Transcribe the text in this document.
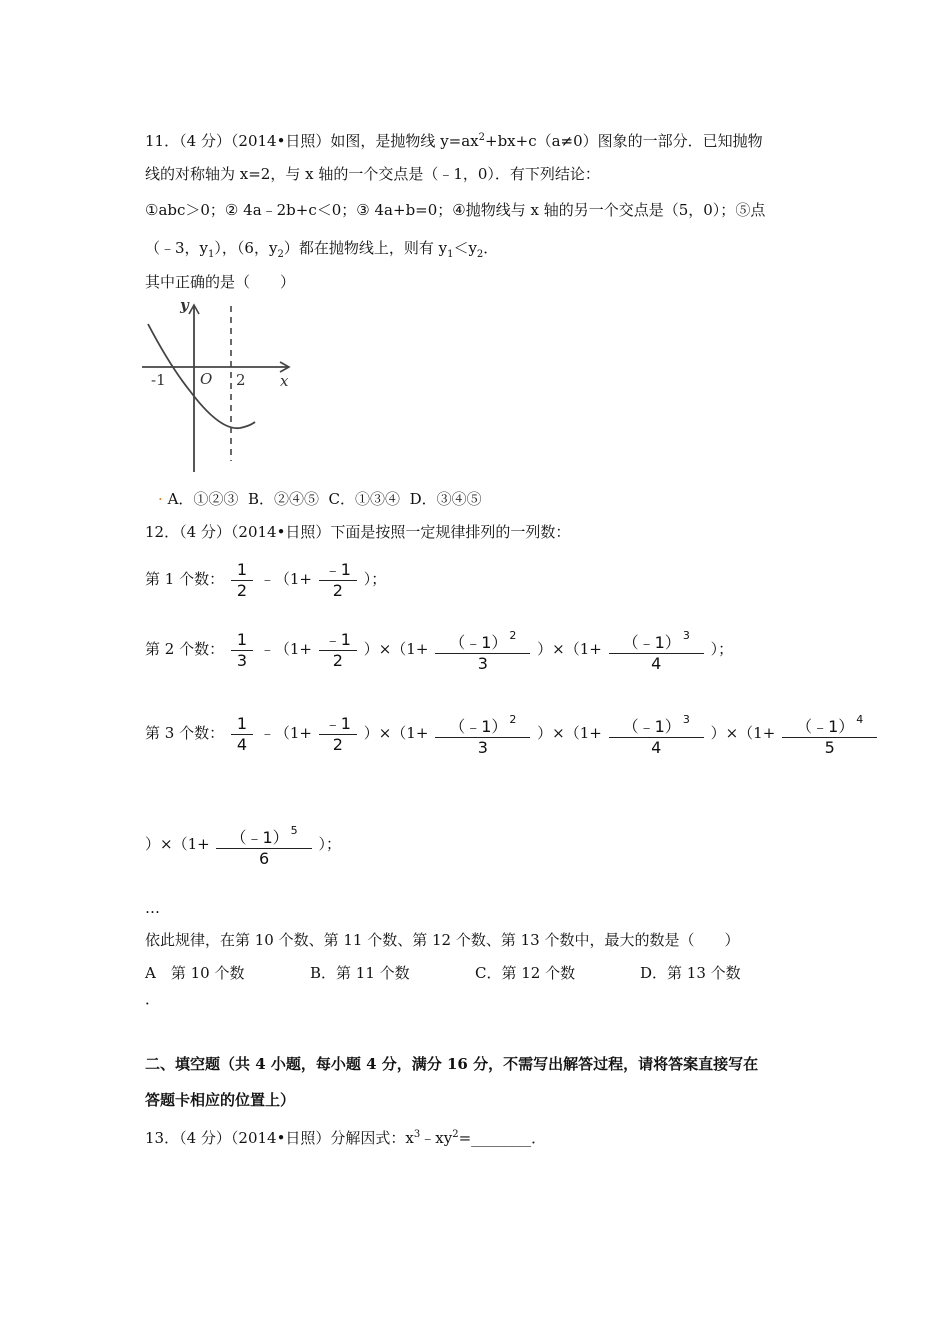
11．（4 分）（2014•日照）如图，是抛物线 $y=ax^2+bx+c(a\ne 0)$图象的一部分．已知抛物
线的对称轴为 x=2，与 x 轴的一个交点是（﹣1，0）．有下列结论：
①abc＞0；② 4a﹣2b+c＜0；③ 4a+b=0；④抛物线与 x 轴的另一个交点是（5，0）；⑤点
（﹣3，$y_1$），（6，$y_2$）都在抛物线上，则有 $y_1<y_2$．
其中正确的是（　　）
y
x
O
-1	2
· A．①②③ B．②④⑤ C．①③④ D．③④⑤
12．（4 分）（2014•日照）下面是按照一定规律排列的一列数：
第 1 个数： $\frac{1}{2}$ ﹣（1+ $\frac{﹣1}{2}$ ）；
第 2 个数： $\frac{1}{3}$ ﹣（1+ $\frac{﹣1}{2} )\times(1+ \frac{(﹣1) ^2}{3} )\times(1+ \frac{(﹣1) ^3}{4}$ ）；
第 3 个数： $\frac{1}{4}$ ﹣（1+ $\frac{﹣1}{2} )\times(1+ \frac{(﹣1) ^2}{3} )\times(1+ \frac{(﹣1) ^3}{4} )\times(1+ \frac{(﹣1) ^4}{5}$
）$\times(1+ \frac{(﹣1) ^5}{6}$ ）；
…
依此规律，在第 10 个数、第 11 个数、第 12 个数、第 13 个数中，最大的数是（　　）
A　第 10 个数
．
B．第 11 个数	C．第 12 个数	D．第 13 个数
二、填空题（共 4 小题，每小题 4 分，满分 16 分，不需写出解答过程，请将答案直接写在
答题卡相应的位置上）
13．（4 分）（2014•日照）分解因式：$x^3﹣xy^2=\_\_\_\_\_\_\_\_$．
